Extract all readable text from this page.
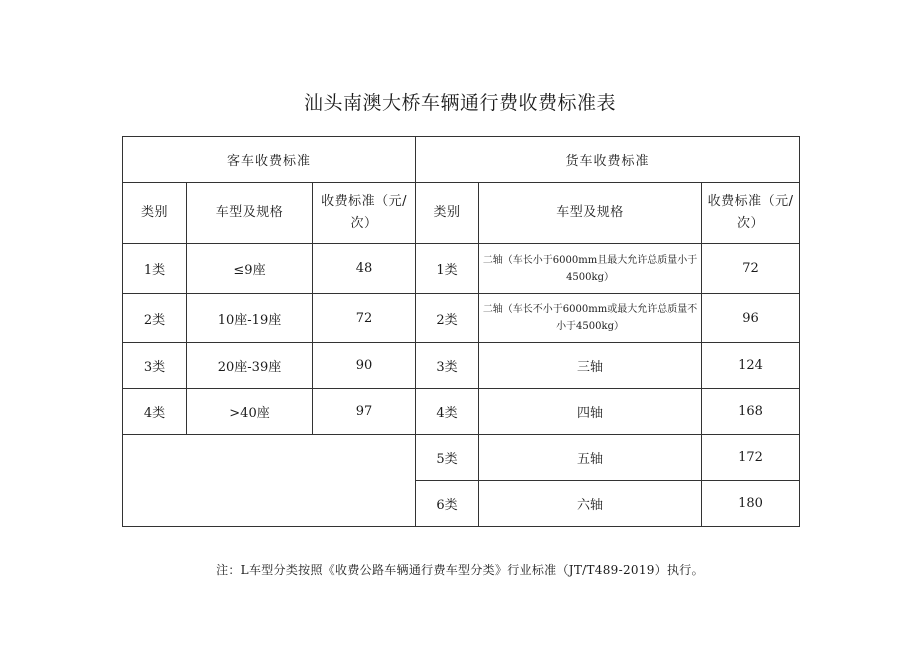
汕头南澳大桥车辆通行费收费标准表
客车收费标准			货车收费标准		
类别	车型及规格	收费标准（元/次）	类别	车型及规格	收费标准（元/次）
1类	≤9座	48	1类	二轴（车长小于6000mm且最大允许总质量小于4500kg）	72
2类	10座-19座	72	2类	二轴（车长不小于6000mm或最大允许总质量不小于4500kg）	96
3类	20座-39座	90	3类	三轴	124
4类	>40座	97	4类	四轴	168
			5类	五轴	172
			6类	六轴	180
注：L车型分类按照《收费公路车辆通行费车型分类》行业标准（JT/T489-2019）执行。
